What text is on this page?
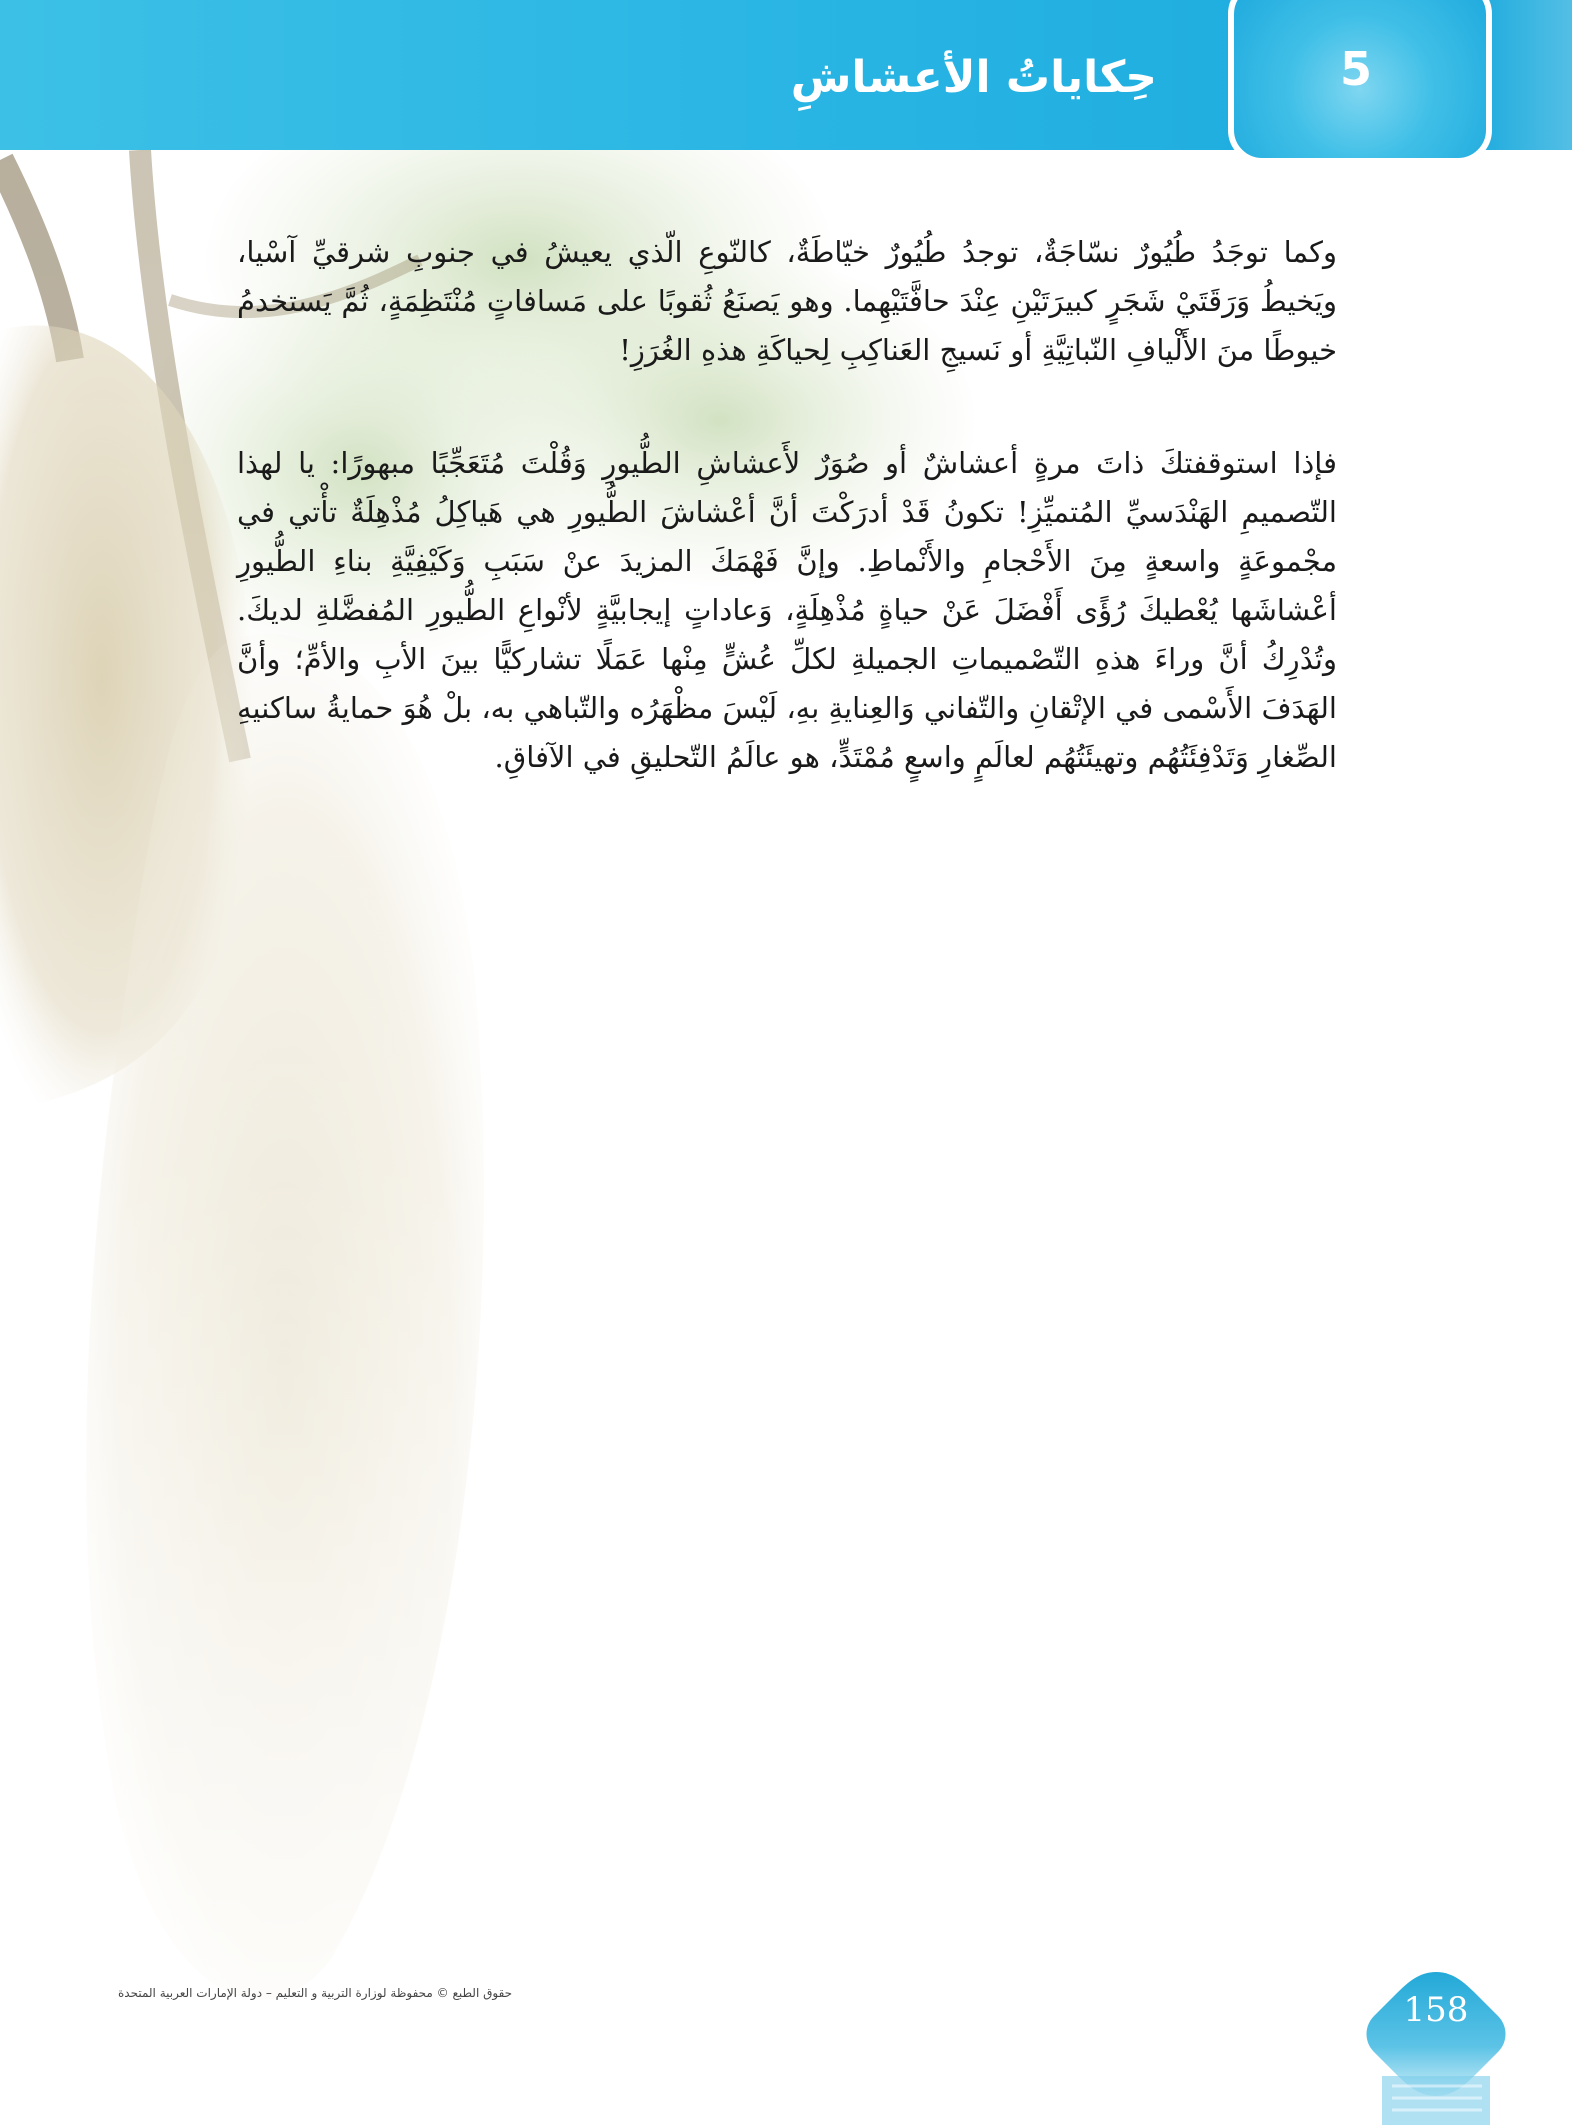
5
حِكاياتُ الأعشاشِ

وكما توجَدُ طُيُورٌ نسّاجَةٌ، توجدُ طُيُورٌ خيّاطَةٌ، كالنّوعِ الّذي يعيشُ في جنوبِ شرقيِّ آسْيا، ويَخيطُ وَرَقَتَيْ شَجَرٍ كبيرَتَيْنِ عِنْدَ حافَّتَيْهِما. وهو يَصنَعُ ثُقوبًا على مَسافاتٍ مُنْتَظِمَةٍ، ثُمَّ يَستخدمُ خيوطًا منَ الأَلْيافِ النّباتِيَّةِ أو نَسيجِ العَناكِبِ لِحياكَةِ هذهِ الغُرَزِ!

فإذا استوقفتكَ ذاتَ مرةٍ أعشاشٌ أو صُوَرٌ لأَعشاشِ الطُّيورِ وَقُلْتَ مُتَعَجِّبًا مبهورًا: يا لهذا التّصميمِ الهَنْدَسيِّ المُتميِّزِ! تكونُ قَدْ أدرَكْتَ أنَّ أعْشاشَ الطُّيورِ هي هَياكِلُ مُذْهِلَةٌ تأْتي في مجْموعَةٍ واسعةٍ مِنَ الأَحْجامِ والأَنْماطِ. وإنَّ فَهْمَكَ المزيدَ عنْ سَبَبِ وَكَيْفِيَّةِ بناءِ الطُّيورِ أعْشاشَها يُعْطيكَ رُؤًى أَفْضَلَ عَنْ حياةٍ مُذْهِلَةٍ، وَعاداتٍ إيجابيَّةٍ لأنْواعِ الطُّيورِ المُفضَّلةِ لديكَ. وتُدْرِكُ أنَّ وراءَ هذهِ التّصْميماتِ الجميلةِ لكلِّ عُشٍّ مِنْها عَمَلًا تشاركيًّا بينَ الأبِ والأمِّ؛ وأنَّ الهَدَفَ الأَسْمى في الإتْقانِ والتّفاني وَالعِنايةِ بهِ، لَيْسَ مظْهَرُه والتّباهي به، بلْ هُوَ حمايةُ ساكنيهِ الصِّغارِ وَتَدْفِئَتُهُم وتهيئَتُهُم لعالَمٍ واسعٍ مُمْتَدٍّ، هو عالَمُ التّحليقِ في الآفاقِ.

حقوق الطبع © محفوظة لوزارة التربية و التعليم – دولة الإمارات العربية المتحدة	158
